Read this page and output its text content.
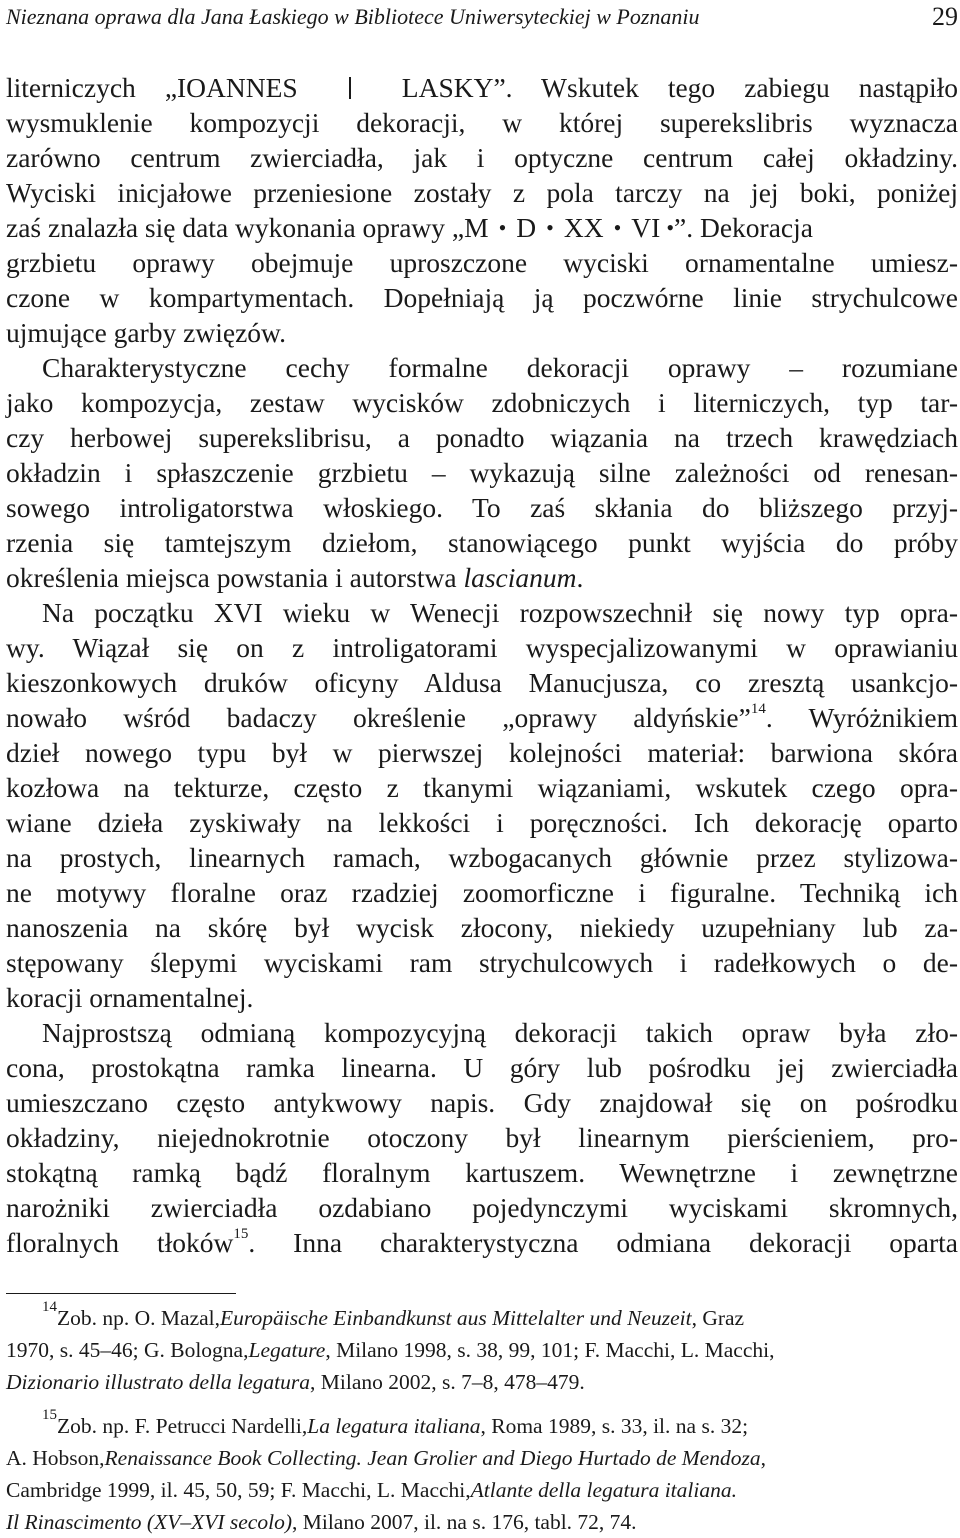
Nieznana oprawa dla Jana Łaskiego w Bibliotece Uniwersyteckiej w Poznaniu	29
literniczych „IOANNES	LASKY”. Wskutek tego zabiegu nastąpiło
wysmuklenie kompozycji dekoracji, w której superekslibris wyznacza
zarówno centrum zwierciadła, jak i optyczne centrum całej okładziny.
Wyciski inicjałowe przeniesione zostały z pola tarczy na jej boki, poniżej
zaś znalazła się data wykonania oprawy „M • D • XX • VI • ”. Dekoracja
grzbietu oprawy obejmuje uproszczone wyciski ornamentalne umiesz-
czone w kompartymentach. Dopełniają ją poczwórne linie strychulcowe
ujmujące garby zwięzów.
Charakterystyczne cechy formalne dekoracji oprawy – rozumiane
jako kompozycja, zestaw wycisków zdobniczych i literniczych, typ tar-
czy herbowej superekslibrisu, a ponadto wiązania na trzech krawędziach
okładzin i spłaszczenie grzbietu – wykazują silne zależności od renesan-
sowego introligatorstwa włoskiego. To zaś skłania do bliższego przyj-
rzenia się tamtejszym dziełom, stanowiącego punkt wyjścia do próby
określenia miejsca powstania i autorstwa lascianum.
Na początku XVI wieku w Wenecji rozpowszechnił się nowy typ opra-
wy. Wiązał się on z introligatorami wyspecjalizowanymi w oprawianiu
kieszonkowych druków oficyny Aldusa Manucjusza, co zresztą usankcjo-
nowało wśród badaczy określenie „oprawy aldyńskie”$^{14}$. Wyróżnikiem
dzieł nowego typu był w pierwszej kolejności materiał: barwiona skóra
kozłowa na tekturze, często z tkanymi wiązaniami, wskutek czego opra-
wiane dzieła zyskiwały na lekkości i poręczności. Ich dekorację oparto
na prostych, linearnych ramach, wzbogacanych głównie przez stylizowa-
ne motywy floralne oraz rzadziej zoomorficzne i figuralne. Techniką ich
nanoszenia na skórę był wycisk złocony, niekiedy uzupełniany lub za-
stępowany ślepymi wyciskami ram strychulcowych i radełkowych o de-
koracji ornamentalnej.
Najprostszą odmianą kompozycyjną dekoracji takich opraw była zło-
cona, prostokątna ramka linearna. U góry lub pośrodku jej zwierciadła
umieszczano często antykwowy napis. Gdy znajdował się on pośrodku
okładziny, niejednokrotnie otoczony był linearnym pierścieniem, pro-
stokątną ramką bądź floralnym kartuszem. Wewnętrzne i zewnętrzne
narożniki zwierciadła ozdabiano pojedynczymi wyciskami skromnych,
floralnych tłoków$^{15}$. Inna charakterystyczna odmiana dekoracji oparta
$^{14}$ Zob. np. O. Mazal, Europäische Einbandkunst aus Mittelalter und Neuzeit , Graz
1970, s. 45–46; G. Bologna, Legature , Milano 1998, s. 38, 99, 101; F. Macchi, L. Macchi,
Dizionario illustrato della legatura , Milano 2002, s. 7–8, 478–479.
$^{15}$ Zob. np. F. Petrucci Nardelli, La legatura italiana , Roma 1989, s. 33, il. na s. 32;
A. Hobson, Renaissance Book Collecting. Jean Grolier and Diego Hurtado de Mendoza ,
Cambridge 1999, il. 45, 50, 59; F. Macchi, L. Macchi, Atlante della legatura italiana.
Il Rinascimento (XV–XVI secolo) , Milano 2007, il. na s. 176, tabl. 72, 74.
